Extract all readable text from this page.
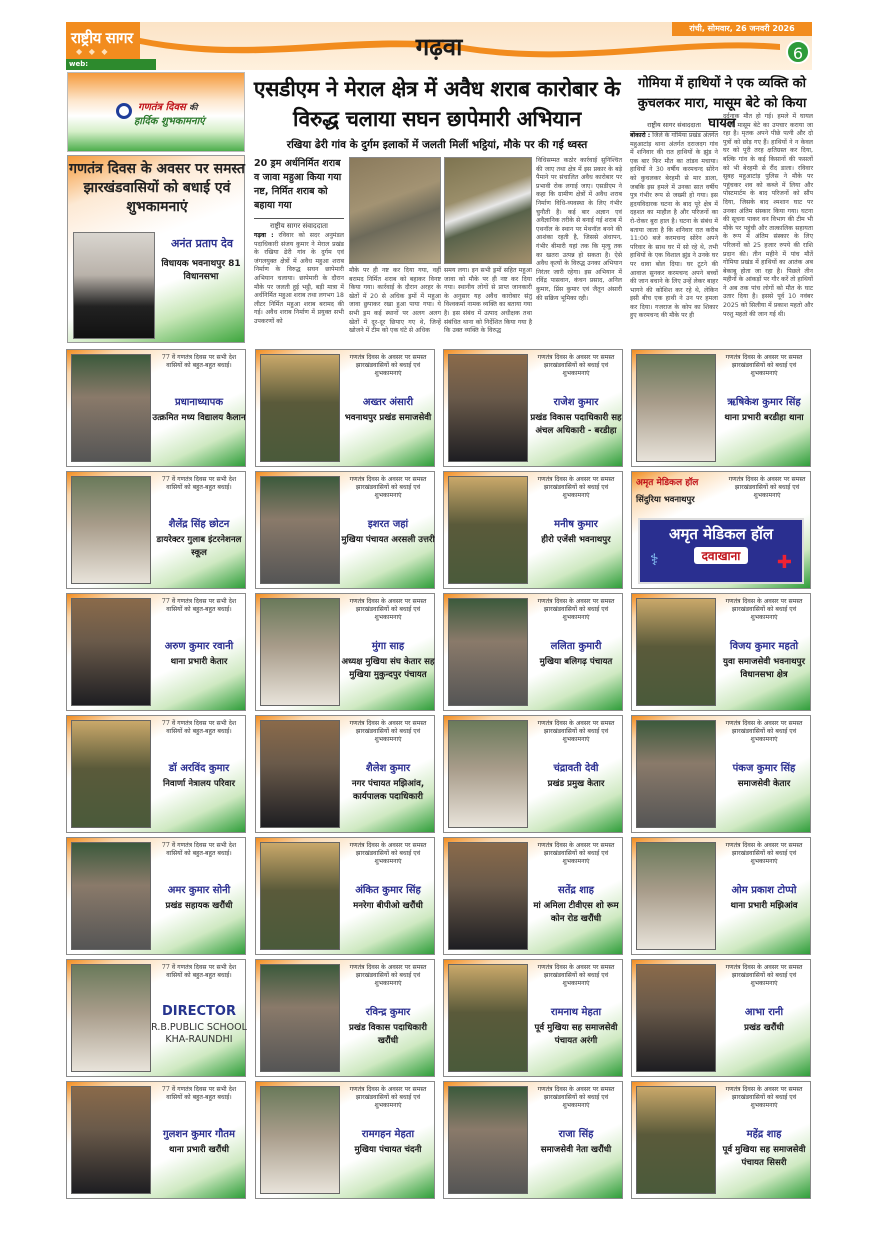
राष्ट्रीय सागर
◆ ◆ ◆
web:
गढ़वा
रांची, सोमवार, 26 जनवरी 2026
6
गणतंत्र दिवस की
हार्दिक शुभकामनाएं
गणतंत्र दिवस के अवसर पर समस्त झारखंडवासियों को बधाई एवं शुभकामनाएं
अनंत प्रताप देव
विधायक भवनाथपुर 81 विधानसभा
एसडीएम ने मेराल क्षेत्र में अवैध शराब कारोबार के विरुद्ध चलाया सघन छापेमारी अभियान
रखिया ढेरी गांव के दुर्गम इलाकों में जलती मिलीं भट्ठियां, मौके पर की गई ध्वस्त
20 ड्रम अर्धनिर्मित शराब व जावा महुआ किया गया नष्ट, निर्मित शराब को बहाया गया
राष्ट्रीय सागर संवाददाता
गढ़वा : रविवार को सदर अनुमंडल पदाधिकारी संजय कुमार ने मेराल प्रखंड के रखिया ढेरी गांव के दुर्गम एवं जंगलयुक्त क्षेत्रों में अवैध महुआ शराब निर्माण के विरुद्ध सघन छापेमारी अभियान चलाया। छापेमारी के दौरान मौके पर जलती हुई भट्ठी, बड़ी मात्रा में अर्धनिर्मित महुआ शराब तथा लगभग 18 लीटर निर्मित महुआ शराब बरामद की गई। अवैध शराब निर्माण में प्रयुक्त सभी उपकरणों को
मौके पर ही नष्ट कर दिया गया, वहीं बरामद निर्मित शराब को बहाकर विनष्ट किया गया। कार्रवाई के दौरान अरहर के खेतों में 20 से अधिक ड्रमों में महुआ जावा छुपाकर रखा हुआ पाया गया। ये सभी ड्रम कई स्थानों पर अलग अलग खेतों में दूर-दूर छिपाए गए थे, जिन्हें खोजने में टीम को एक घंटे से अधिक
समय लगा। इन सभी ड्रमों सहित महुआ जावा को मौके पर ही नष्ट कर दिया गया। स्थानीय लोगों से प्राप्त जानकारी के अनुसार यह अवैध कारोबार संतु विश्वकर्मा नामक व्यक्ति का बताया गया है। इस संबंध में उत्पाद अधीक्षक तथा संबंधित थाना को निर्देशित किया गया है कि उक्त व्यक्ति के विरुद्ध
विधिसम्मत कठोर कार्रवाई सुनिश्चित की जाए तथा क्षेत्र में इस प्रकार के बड़े पैमाने पर संचालित अवैध कारोबार पर प्रभावी रोक लगाई जाए। एसडीएम ने कहा कि ग्रामीण क्षेत्रों में अवैध शराब निर्माण विधि-व्यवस्था के लिए गंभीर चुनौती है। कई बार अज्ञान एवं अवैज्ञानिक तरीके से बनाई गई शराब में एथनॉल के स्थान पर मेथनॉल बनने की आशंका रहती है, जिससे अंधापन, गंभीर बीमारी यहां तक कि मृत्यु तक का खतरा उत्पन्न हो सकता है। ऐसे अवैध कृत्यों के विरुद्ध उनका अभियान निरंतर जारी रहेगा। इस अभियान में रविंद्र पासवान, कंचन प्रसाद, अनिल कुमार, प्रिंस कुमार एवं जैतून अंसारी की सक्रिय भूमिका रही।
गोमिया में हाथियों ने एक व्यक्ति को कुचलकर मारा, मासूम बेटे को किया घायल
राष्ट्रीय सागर संवाददाता
बोकारो : जिले के गोमिया प्रखंड अंतर्गत महुआटांड़ थाना अंतर्गत दराजदग गांव में शनिवार की रात हाथियों के झुंड ने एक बार फिर मौत का तांडव मचाया। हाथियों ने 30 वर्षीय करमचन्द सोरेन को कुचलकर बेरहमी से मार डाला, जबकि इस हमले में उनका सात वर्षीय पुत्र गंभीर रूप से जख्मी हो गया। इस हृदयविदारक घटना के बाद पूरे क्षेत्र में दहशत का माहौल है और परिजनों का रो-रोकर बुरा हाल है। घटना के संबंध में बताया जाता है कि शनिवार रात करीब 11:00 बजे करमचन्द सोरेन अपने परिवार के साथ घर में सो रहे थे, तभी हाथियों के एक विशाल झुंड ने उनके घर पर धावा बोल दिया। घर टूटने की आवाज सुनकर करमचन्द अपने बच्चों की जान बचाने के लिए उन्हें लेकर बाहर भागने की कोशिश कर रहे थे, लेकिन इसी बीच एक हाथी ने उन पर हमला कर दिया। गजराज के कोप का शिकार हुए करमचन्द की मौके पर ही
दर्दनाक मौत हो गई। हमले में घायल उनके मासूम बेटे का उपचार कराया जा रहा है। मृतक अपने पीछे पत्नी और दो पुत्रों को छोड़ गए हैं। हाथियों ने न केवल घर को पूरी तरह क्षतिग्रस्त कर दिया, बल्कि गांव के कई किसानों की फसलों को भी बेरहमी से रौंद डाला। रविवार सुबह महुआटांड़ पुलिस ने मौके पर पहुंचकर शव को कब्जे में लिया और पोस्टमार्टम के बाद परिजनों को सौंप दिया, जिसके बाद श्मशान घाट पर उनका अंतिम संस्कार किया गया। घटना की सूचना पाकर वन विभाग की टीम भी मौके पर पहुंची और तात्कालिक सहायता के रूप में अंतिम संस्कार के लिए परिजनों को 25 हजार रुपये की राशि प्रदान की। तीन महीने में पांच मौतें गोमिया प्रखंड में हाथियों का आतंक अब बेकाबू होता जा रहा है। पिछले तीन महीनों के आंकड़ों पर गौर करें तो हाथियों ने अब तक पांच लोगों को मौत के घाट उतार दिया है। इससे पूर्व 10 नवंबर 2025 को सिलीया में प्रकाश महतो और परशु महतो की जान गई थी।
77 वें गणतंत्र दिवस पर सभी देश वासियों को बहुत-बहुत बधाई।
प्रधानाध्यापक
उत्क्रमित मध्य विद्यालय कैलान
गणतंत्र दिवस के अवसर पर समस्त झारखंडवासियों को बधाई एवं शुभकामनाएं
अख्तर अंसारी
भवनाथपुर प्रखंड समाजसेवी
गणतंत्र दिवस के अवसर पर समस्त झारखंडवासियों को बधाई एवं शुभकामनाएं
राजेश कुमार
प्रखंड विकास पदाधिकारी सह अंचल अधिकारी - बरडीहा
गणतंत्र दिवस के अवसर पर समस्त झारखंडवासियों को बधाई एवं शुभकामनाएं
ऋषिकेश कुमार सिंह
थाना प्रभारी बरडीहा थाना
77 वें गणतंत्र दिवस पर सभी देश वासियों को बहुत-बहुत बधाई।
शैलेंद्र सिंह छोटन
डायरेक्टर गुलाब इंटरनेशनल स्कूल
गणतंत्र दिवस के अवसर पर समस्त झारखंडवासियों को बधाई एवं शुभकामनाएं
इशरत जहां
मुखिया पंचायत अरसली उत्तरी
गणतंत्र दिवस के अवसर पर समस्त झारखंडवासियों को बधाई एवं शुभकामनाएं
मनीष कुमार
हीरो एजेंसी भवनाथपुर
अमृत मेडिकल हॉल
सिंदुरिया भवनाथपुर
गणतंत्र दिवस के अवसर पर समस्त झारखंडवासियों को बधाई एवं शुभकामनाएं
अमृत मेडिकल हॉल
दवाखाना
⚕	✚
77 वें गणतंत्र दिवस पर सभी देश वासियों को बहुत-बहुत बधाई।
अरुण कुमार रवानी
थाना प्रभारी केतार
गणतंत्र दिवस के अवसर पर समस्त झारखंडवासियों को बधाई एवं शुभकामनाएं
मुंगा साह
अध्यक्ष मुखिया संघ केतार सह मुखिया मुकुन्दपुर पंचायत
गणतंत्र दिवस के अवसर पर समस्त झारखंडवासियों को बधाई एवं शुभकामनाएं
ललिता कुमारी
मुखिया बलिगढ़ पंचायत
गणतंत्र दिवस के अवसर पर समस्त झारखंडवासियों को बधाई एवं शुभकामनाएं
विजय कुमार महतो
युवा समाजसेवी भवनाथपुर विधानसभा क्षेत्र
77 वें गणतंत्र दिवस पर सभी देश वासियों को बहुत-बहुत बधाई।
डॉ अरविंद कुमार
निवार्णा नेत्रालय परिवार
गणतंत्र दिवस के अवसर पर समस्त झारखंडवासियों को बधाई एवं शुभकामनाएं
शैलेश कुमार
नगर पंचायत मझिआंव, कार्यपालक पदाधिकारी
गणतंत्र दिवस के अवसर पर समस्त झारखंडवासियों को बधाई एवं शुभकामनाएं
चंद्रावती देवी
प्रखंड प्रमुख केतार
गणतंत्र दिवस के अवसर पर समस्त झारखंडवासियों को बधाई एवं शुभकामनाएं
पंकज कुमार सिंह
समाजसेवी केतार
77 वें गणतंत्र दिवस पर सभी देश वासियों को बहुत-बहुत बधाई।
अमर कुमार सोनी
प्रखंड सहायक खरौंधी
गणतंत्र दिवस के अवसर पर समस्त झारखंडवासियों को बधाई एवं शुभकामनाएं
अंकित कुमार सिंह
मनरेगा बीपीओ खरौंधी
गणतंत्र दिवस के अवसर पर समस्त झारखंडवासियों को बधाई एवं शुभकामनाएं
सतेंद्र शाह
मां अमिला टीवीएस शो रूम कोन रोड खरौंधी
गणतंत्र दिवस के अवसर पर समस्त झारखंडवासियों को बधाई एवं शुभकामनाएं
ओम प्रकाश टोप्पो
थाना प्रभारी मझिआंव
77 वें गणतंत्र दिवस पर सभी देश वासियों को बहुत-बहुत बधाई।
DIRECTOR
R.B.PUBLIC SCHOOL KHA-RAUNDHI
गणतंत्र दिवस के अवसर पर समस्त झारखंडवासियों को बधाई एवं शुभकामनाएं
रविन्द्र कुमार
प्रखंड विकास पदाधिकारी खरौंधी
गणतंत्र दिवस के अवसर पर समस्त झारखंडवासियों को बधाई एवं शुभकामनाएं
रामनाथ मेहता
पूर्व मुखिया सह समाजसेवी पंचायत अरंगी
गणतंत्र दिवस के अवसर पर समस्त झारखंडवासियों को बधाई एवं शुभकामनाएं
आभा रानी
प्रखंड खरौंधी
77 वें गणतंत्र दिवस पर सभी देश वासियों को बहुत-बहुत बधाई।
गुलशन कुमार गौतम
थाना प्रभारी खरौंधी
गणतंत्र दिवस के अवसर पर समस्त झारखंडवासियों को बधाई एवं शुभकामनाएं
रामगहन मेहता
मुखिया पंचायत चंदनी
गणतंत्र दिवस के अवसर पर समस्त झारखंडवासियों को बधाई एवं शुभकामनाएं
राजा सिंह
समाजसेवी नेता खरौंधी
गणतंत्र दिवस के अवसर पर समस्त झारखंडवासियों को बधाई एवं शुभकामनाएं
महेंद्र शाह
पूर्व मुखिया सह समाजसेवी पंचायत सिसरी
